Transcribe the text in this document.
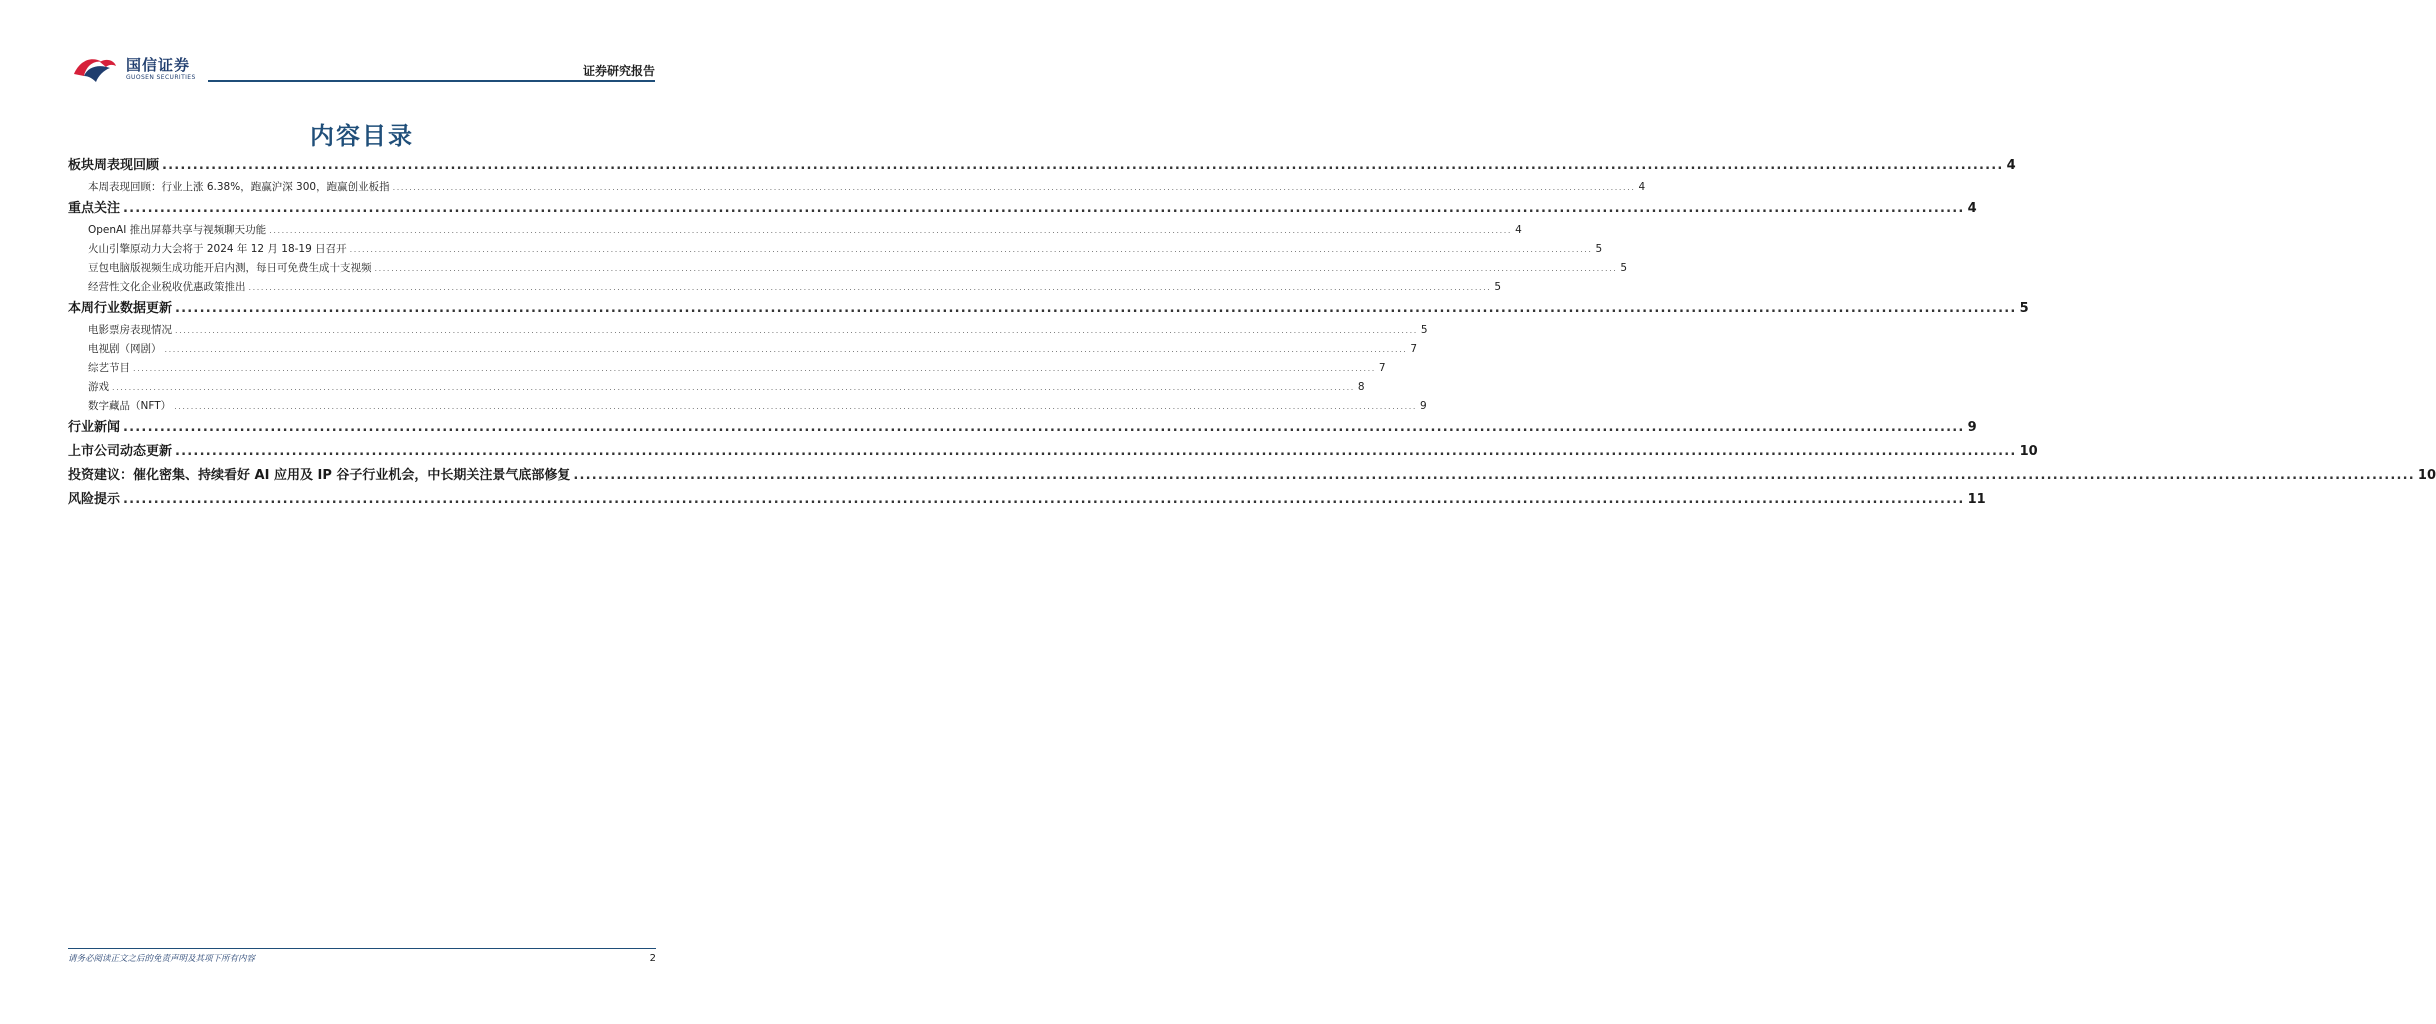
国信证券
GUOSEN SECURITIES	证券研究报告
内容目录
板块周表现回顾 ............................................................................................................................................................................................................................................................................................................ 4
本周表现回顾：行业上涨 6.38%，跑赢沪深 300，跑赢创业板指 ............................................................................................................................................................................................................................................................................................................ 4
重点关注 ............................................................................................................................................................................................................................................................................................................ 4
OpenAI 推出屏幕共享与视频聊天功能 ............................................................................................................................................................................................................................................................................................................ 4
火山引擎原动力大会将于 2024 年 12 月 18-19 日召开 ............................................................................................................................................................................................................................................................................................................ 5
豆包电脑版视频生成功能开启内测，每日可免费生成十支视频 ............................................................................................................................................................................................................................................................................................................ 5
经营性文化企业税收优惠政策推出 ............................................................................................................................................................................................................................................................................................................ 5
本周行业数据更新 ............................................................................................................................................................................................................................................................................................................ 5
电影票房表现情况 ............................................................................................................................................................................................................................................................................................................ 5
电视剧（网剧） ............................................................................................................................................................................................................................................................................................................ 7
综艺节目 ............................................................................................................................................................................................................................................................................................................ 7
游戏 ............................................................................................................................................................................................................................................................................................................ 8
数字藏品（NFT） ............................................................................................................................................................................................................................................................................................................ 9
行业新闻 ............................................................................................................................................................................................................................................................................................................ 9
上市公司动态更新 ............................................................................................................................................................................................................................................................................................................ 10
投资建议：催化密集、持续看好 AI 应用及 IP 谷子行业机会，中长期关注景气底部修复 ............................................................................................................................................................................................................................................................................................................ 10
风险提示 ............................................................................................................................................................................................................................................................................................................ 11
请务必阅读正文之后的免责声明及其项下所有内容	2
